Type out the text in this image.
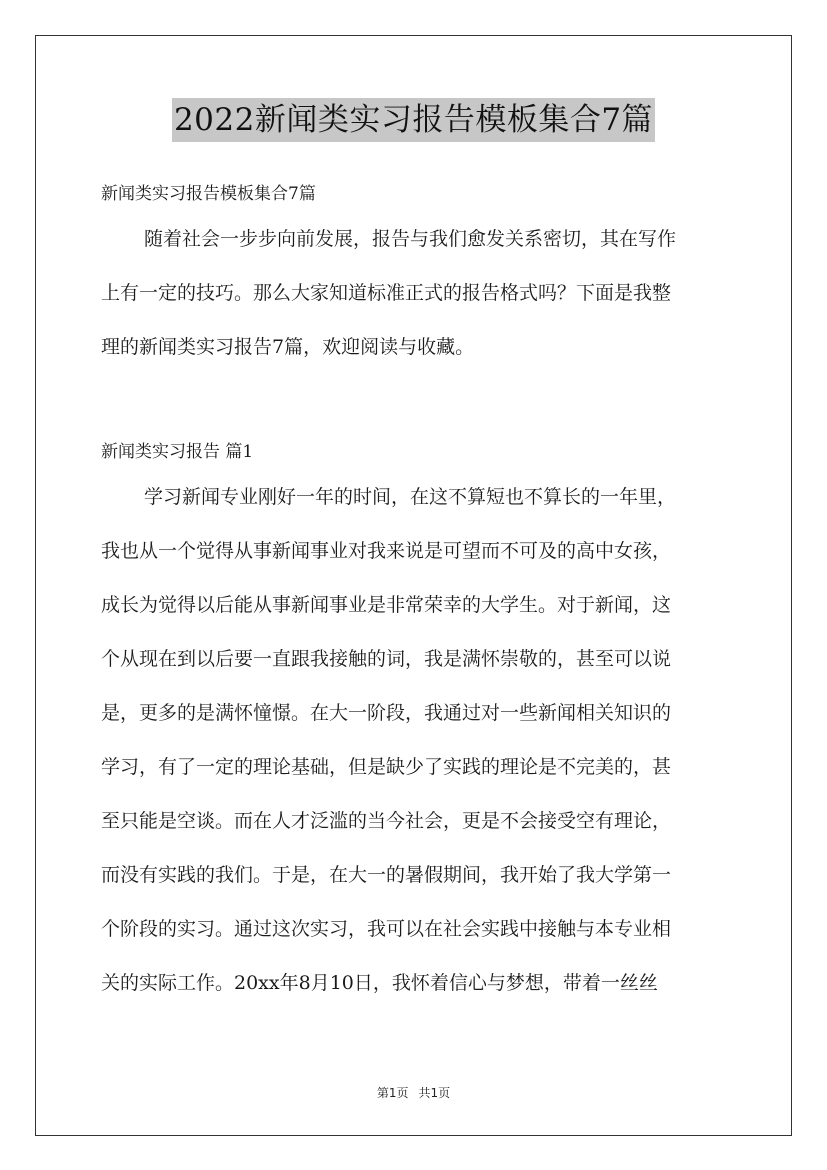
2022新闻类实习报告模板集合7篇
新闻类实习报告模板集合7篇
随着社会一步步向前发展，报告与我们愈发关系密切，其在写作
上有一定的技巧。那么大家知道标准正式的报告格式吗？下面是我整
理的新闻类实习报告7篇，欢迎阅读与收藏。
新闻类实习报告 篇1
学习新闻专业刚好一年的时间，在这不算短也不算长的一年里，
我也从一个觉得从事新闻事业对我来说是可望而不可及的高中女孩，
成长为觉得以后能从事新闻事业是非常荣幸的大学生。对于新闻，这
个从现在到以后要一直跟我接触的词，我是满怀崇敬的，甚至可以说
是，更多的是满怀憧憬。在大一阶段，我通过对一些新闻相关知识的
学习，有了一定的理论基础，但是缺少了实践的理论是不完美的，甚
至只能是空谈。而在人才泛滥的当今社会，更是不会接受空有理论，
而没有实践的我们。于是，在大一的暑假期间，我开始了我大学第一
个阶段的实习。通过这次实习，我可以在社会实践中接触与本专业相
关的实际工作。20xx年8月10日，我怀着信心与梦想，带着一丝丝
第1页 共1页
